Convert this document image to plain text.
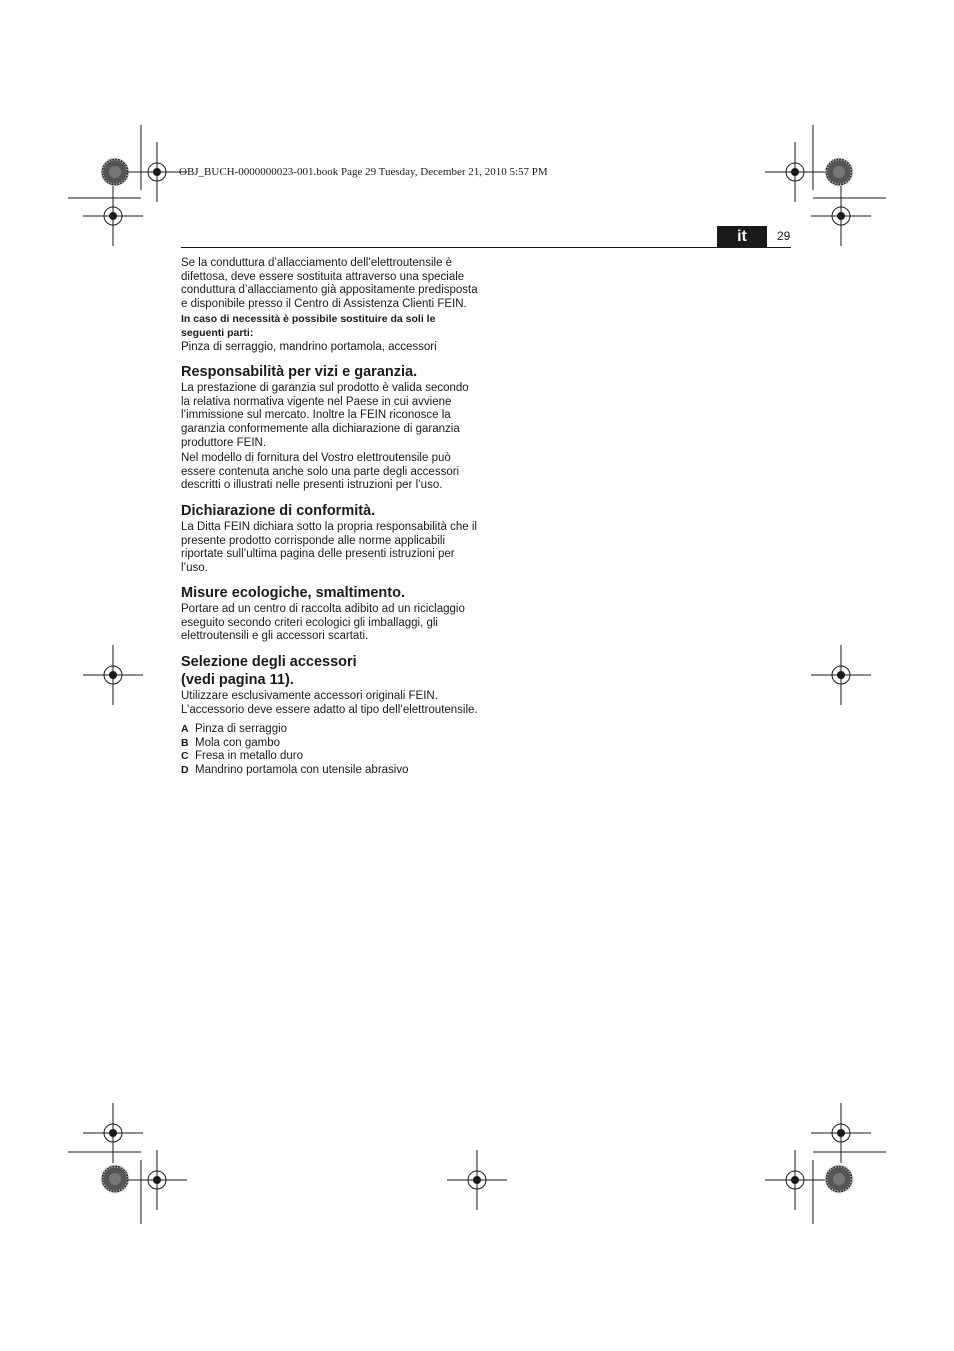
OBJ_BUCH-0000000023-001.book Page 29 Tuesday, December 21, 2010 5:57 PM
it	29

Se la conduttura d’allacciamento dell’elettroutensile è difettosa, deve essere sostituita attraverso una speciale conduttura d’allacciamento già appositamente predisposta e disponibile presso il Centro di Assistenza Clienti FEIN.

In caso di necessità è possibile sostituire da soli le seguenti parti:

Pinza di serraggio, mandrino portamola, accessori

Responsabilità per vizi e garanzia.

La prestazione di garanzia sul prodotto è valida secondo la relativa normativa vigente nel Paese in cui avviene l’immissione sul mercato. Inoltre la FEIN riconosce la garanzia conformemente alla dichiarazione di garanzia produttore FEIN.

Nel modello di fornitura del Vostro elettroutensile può essere contenuta anche solo una parte degli accessori descritti o illustrati nelle presenti istruzioni per l’uso.

Dichiarazione di conformità.

La Ditta FEIN dichiara sotto la propria responsabilità che il presente prodotto corrisponde alle norme applicabili riportate sull’ultima pagina delle presenti istruzioni per l’uso.

Misure ecologiche, smaltimento.

Portare ad un centro di raccolta adibito ad un riciclaggio eseguito secondo criteri ecologici gli imballaggi, gli elettroutensili e gli accessori scartati.

Selezione degli accessori
(vedi pagina 11).

Utilizzare esclusivamente accessori originali FEIN.

L’accessorio deve essere adatto al tipo dell’elettroutensile.

A Pinza di serraggio
B Mola con gambo
C Fresa in metallo duro
D Mandrino portamola con utensile abrasivo
